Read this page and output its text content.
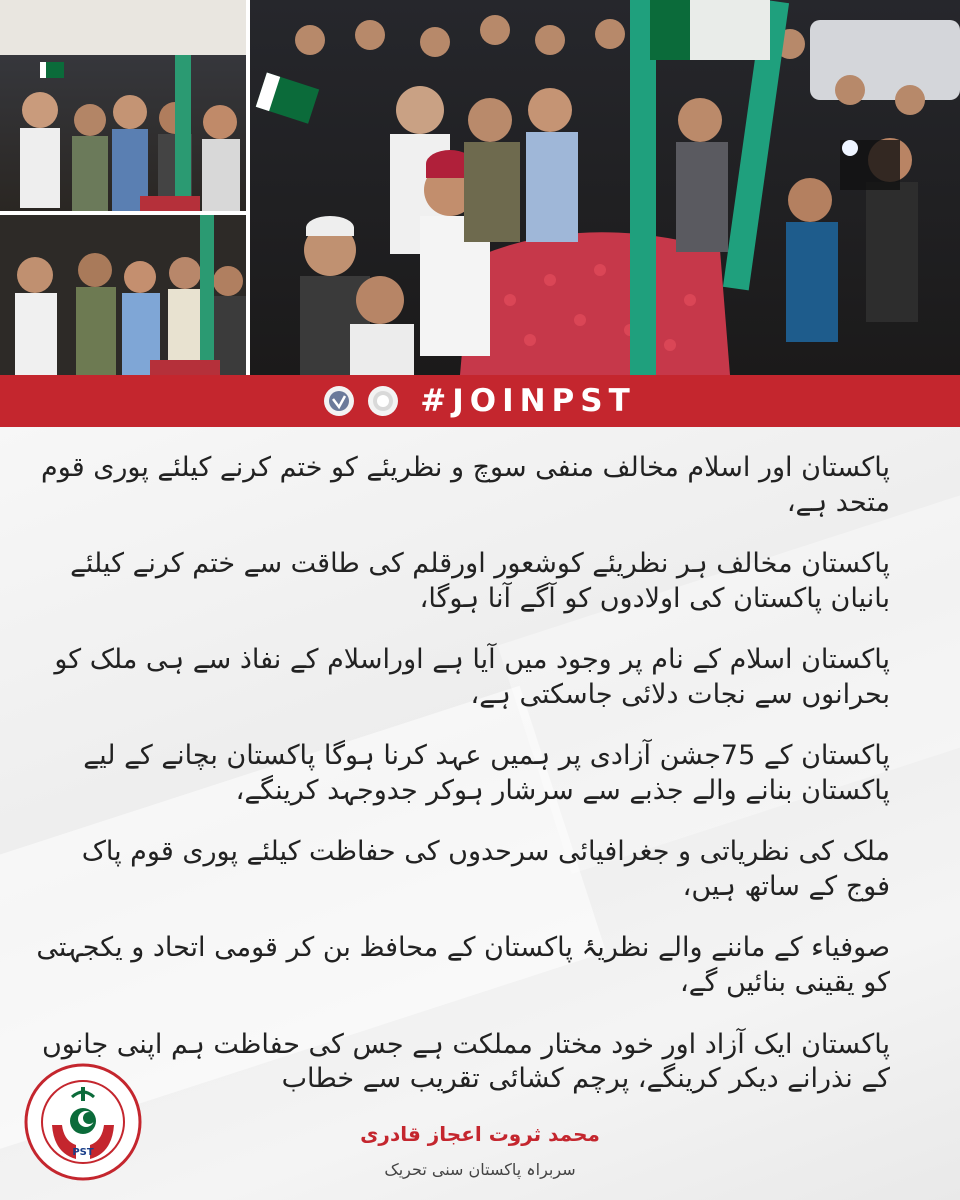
#JOINPST

پاکستان اور اسلام مخالف منفی سوچ و نظریئے کو ختم کرنے کیلئے پوری قوم متحد ہے،

پاکستان مخالف ہر نظریئے کوشعور اورقلم کی طاقت سے ختم کرنے کیلئے بانیان پاکستان کی اولادوں کو آگے آنا ہوگا،

پاکستان اسلام کے نام پر وجود میں آیا ہے اوراسلام کے نفاذ سے ہی ملک کو بحرانوں سے نجات دلائی جاسکتی ہے،

پاکستان کے 75جشن آزادی پر ہمیں عہد کرنا ہوگا پاکستان بچانے کے لیے پاکستان بنانے والے جذبے سے سرشار ہوکر جدوجہد کرینگے،

ملک کی نظریاتی و جغرافیائی سرحدوں کی حفاظت کیلئے پوری قوم پاک فوج کے ساتھ ہیں،

صوفیاء کے ماننے والے نظریۂ پاکستان کے محافظ بن کر قومی اتحاد و یکجہتی کو یقینی بنائیں گے،

پاکستان ایک آزاد اور خود مختار مملکت ہے جس کی حفاظت ہم اپنی جانوں کے نذرانے دیکر کرینگے، پرچم کشائی تقریب سے خطاب

PST
محمد ثروت اعجاز قادری
سربراہ پاکستان سنی تحریک
